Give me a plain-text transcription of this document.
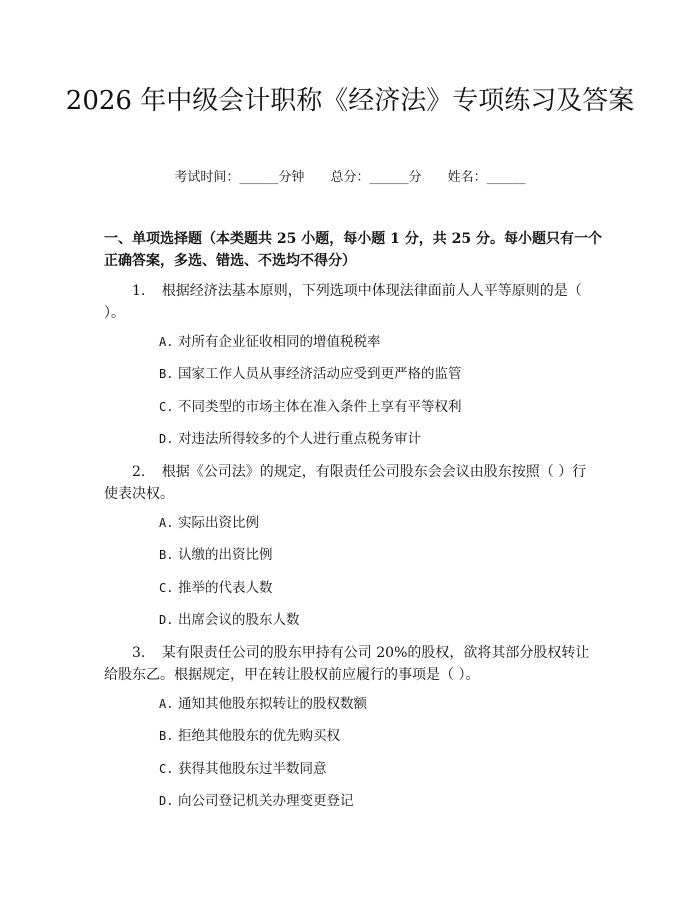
2026 年中级会计职称《经济法》专项练习及答案
考试时间：______分钟 总分：______分 姓名：______

一、单项选择题（本类题共 25 小题，每小题 1 分，共 25 分。每小题只有一个正确答案，多选、错选、不选均不得分）

1. 根据经济法基本原则，下列选项中体现法律面前人人平等原则的是（ ）。
A. 对所有企业征收相同的增值税税率
B. 国家工作人员从事经济活动应受到更严格的监管
C. 不同类型的市场主体在准入条件上享有平等权利
D. 对违法所得较多的个人进行重点税务审计
2. 根据《公司法》的规定，有限责任公司股东会会议由股东按照（ ）行使表决权。
A. 实际出资比例
B. 认缴的出资比例
C. 推举的代表人数
D. 出席会议的股东人数
3. 某有限责任公司的股东甲持有公司 20%的股权，欲将其部分股权转让给股东乙。根据规定，甲在转让股权前应履行的事项是（ ）。
A. 通知其他股东拟转让的股权数额
B. 拒绝其他股东的优先购买权
C. 获得其他股东过半数同意
D. 向公司登记机关办理变更登记
